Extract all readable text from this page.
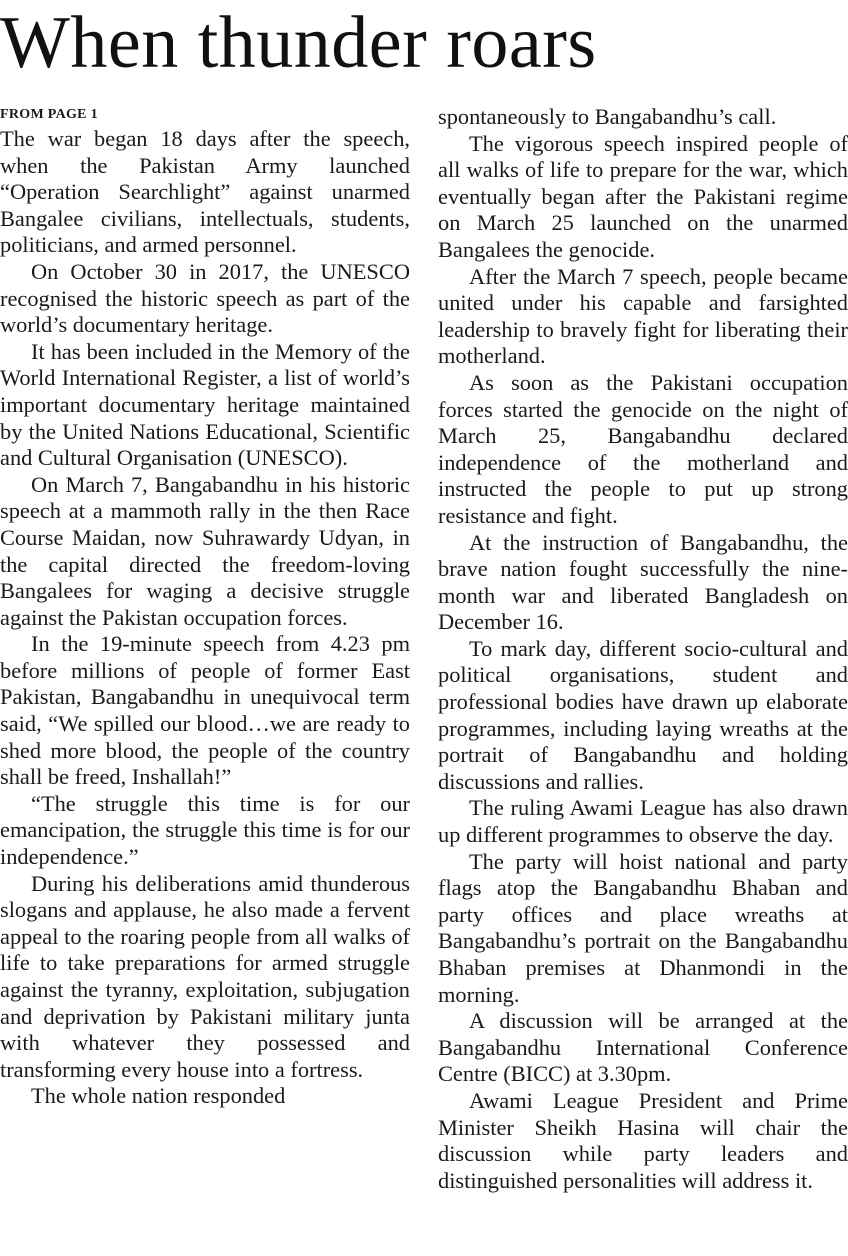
When thunder roars
FROM PAGE 1

The war began 18 days after the speech, when the Pakistan Army launched “Operation Searchlight” against unarmed Bangalee civilians, intellectuals, students, politicians, and armed personnel.

On October 30 in 2017, the UNESCO recognised the historic speech as part of the world’s documentary heritage.

It has been included in the Memory of the World International Register, a list of world’s important documentary heritage maintained by the United Nations Educational, Scientific and Cultural Organisation (UNESCO).

On March 7, Bangabandhu in his historic speech at a mammoth rally in the then Race Course Maidan, now Suhrawardy Udyan, in the capital directed the freedom-loving Bangalees for waging a decisive struggle against the Pakistan occupation forces.

In the 19-minute speech from 4.23 pm before millions of people of former East Pakistan, Bangabandhu in unequivocal term said, “We spilled our blood…we are ready to shed more blood, the people of the country shall be freed, Inshallah!”

“The struggle this time is for our emancipation, the struggle this time is for our independence.”

During his deliberations amid thunderous slogans and applause, he also made a fervent appeal to the roaring people from all walks of life to take preparations for armed struggle against the tyranny, exploitation, subjugation and deprivation by Pakistani military junta with whatever they possessed and transforming every house into a fortress.

The whole nation responded

spontaneously to Bangabandhu’s call.

The vigorous speech inspired people of all walks of life to prepare for the war, which eventually began after the Pakistani regime on March 25 launched on the unarmed Bangalees the genocide.

After the March 7 speech, people became united under his capable and farsighted leadership to bravely fight for liberating their motherland.

As soon as the Pakistani occupation forces started the genocide on the night of March 25, Bangabandhu declared independence of the motherland and instructed the people to put up strong resistance and fight.

At the instruction of Bangabandhu, the brave nation fought successfully the nine-month war and liberated Bangladesh on December 16.

To mark day, different socio-cultural and political organisations, student and professional bodies have drawn up elaborate programmes, including laying wreaths at the portrait of Bangabandhu and holding discussions and rallies.

The ruling Awami League has also drawn up different programmes to observe the day.

The party will hoist national and party flags atop the Bangabandhu Bhaban and party offices and place wreaths at Bangabandhu’s portrait on the Bangabandhu Bhaban premises at Dhanmondi in the morning.

A discussion will be arranged at the Bangabandhu International Conference Centre (BICC) at 3.30pm.

Awami League President and Prime Minister Sheikh Hasina will chair the discussion while party leaders and distinguished personalities will address it.
